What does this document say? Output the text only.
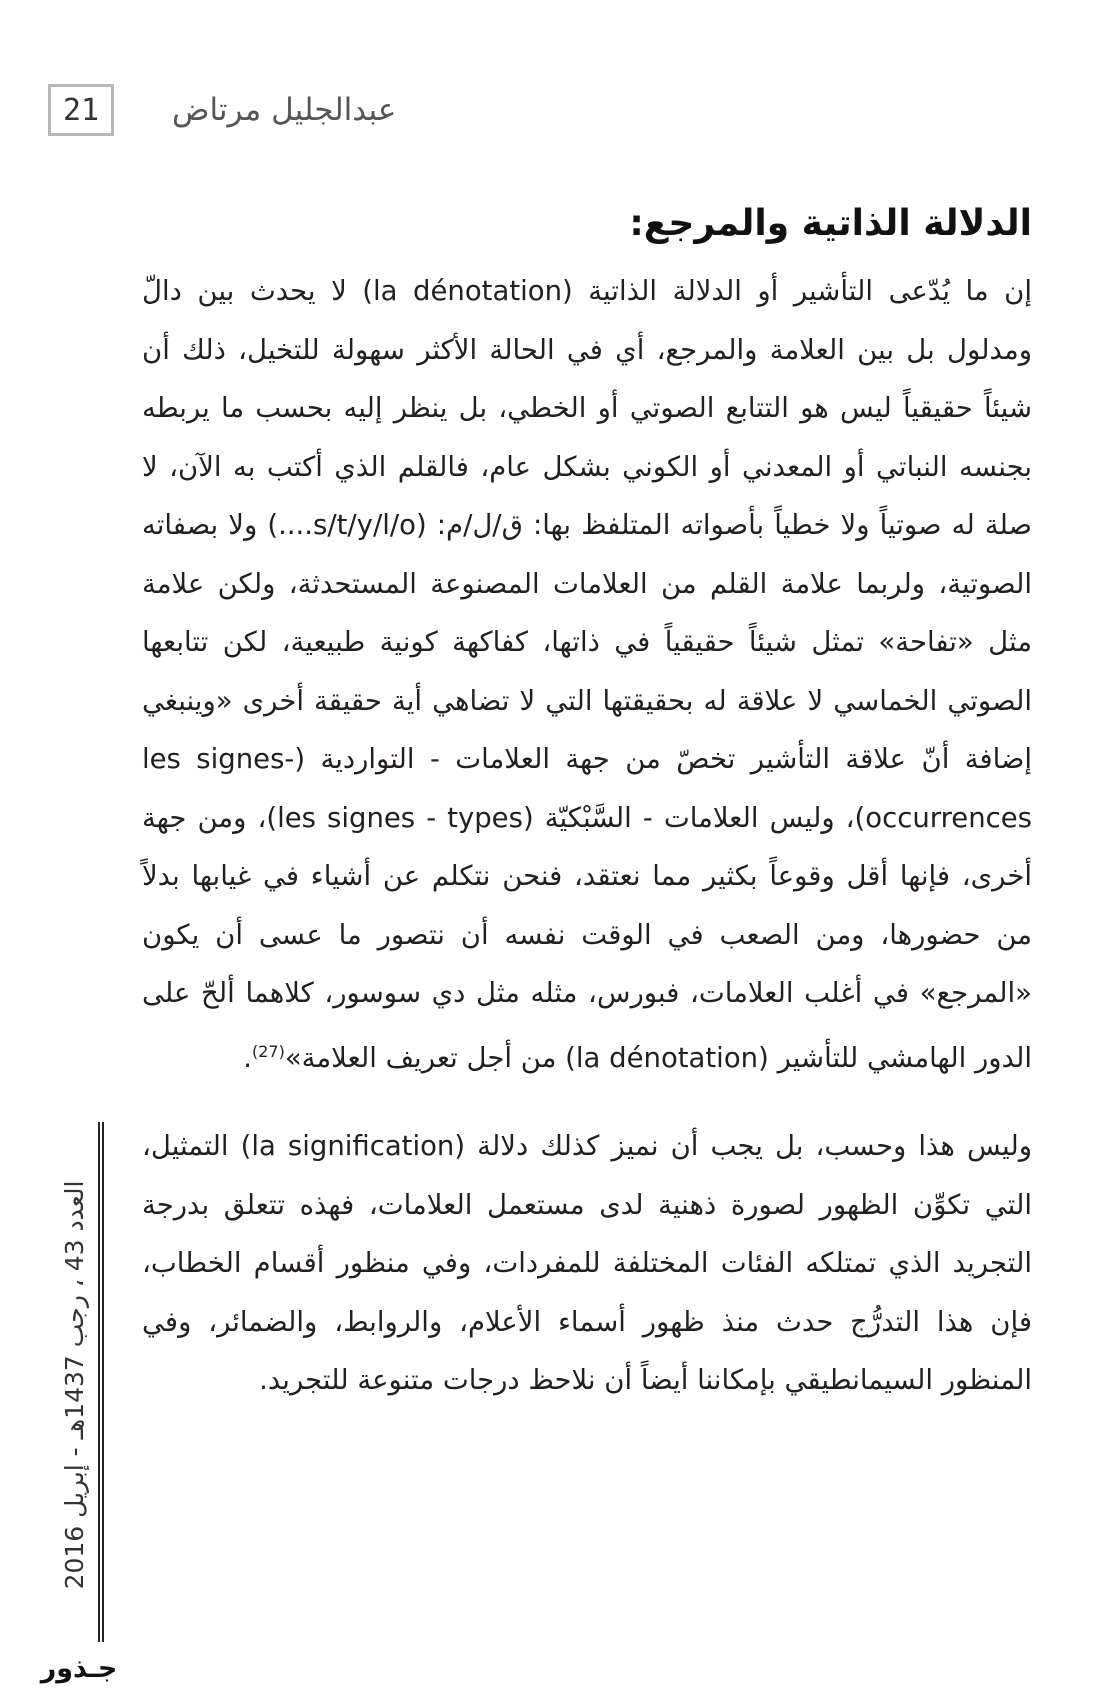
21	عبدالجليل مرتاض
العدد 43 ، رجب 1437هـ - إبريل 2016
جـذور
الدلالة الذاتية والمرجع:

إن ما يُدّعى التأشير أو الدلالة الذاتية (la dénotation) لا يحدث بين دالّ ومدلول بل بين العلامة والمرجع، أي في الحالة الأكثر سهولة للتخيل، ذلك أن شيئاً حقيقياً ليس هو التتابع الصوتي أو الخطي، بل ينظر إليه بحسب ما يربطه بجنسه النباتي أو المعدني أو الكوني بشكل عام، فالقلم الذي أكتب به الآن، لا صلة له صوتياً ولا خطياً بأصواته المتلفظ بها: ق/ل/م: (s/t/y/l/o....) ولا بصفاته الصوتية، ولربما علامة القلم من العلامات المصنوعة المستحدثة، ولكن علامة مثل «تفاحة» تمثل شيئاً حقيقياً في ذاتها، كفاكهة كونية طبيعية، لكن تتابعها الصوتي الخماسي لا علاقة له بحقيقتها التي لا تضاهي أية حقيقة أخرى «وينبغي إضافة أنّ علاقة التأشير تخصّ من جهة العلامات - التواردية (les signes-occurrences)، وليس العلامات - السَّبْكيّة (les signes - types)، ومن جهة أخرى، فإنها أقل وقوعاً بكثير مما نعتقد، فنحن نتكلم عن أشياء في غيابها بدلاً من حضورها، ومن الصعب في الوقت نفسه أن نتصور ما عسى أن يكون «المرجع» في أغلب العلامات، فبورس، مثله مثل دي سوسور، كلاهما ألحّ على الدور الهامشي للتأشير (la dénotation) من أجل تعريف العلامة»$^{(27)}$.

وليس هذا وحسب، بل يجب أن نميز كذلك دلالة (la signification) التمثيل، التي تكوِّن الظهور لصورة ذهنية لدى مستعمل العلامات، فهذه تتعلق بدرجة التجريد الذي تمتلكه الفئات المختلفة للمفردات، وفي منظور أقسام الخطاب، فإن هذا التدرُّج حدث منذ ظهور أسماء الأعلام، والروابط، والضمائر، وفي المنظور السيمانطيقي بإمكاننا أيضاً أن نلاحظ درجات متنوعة للتجريد.
